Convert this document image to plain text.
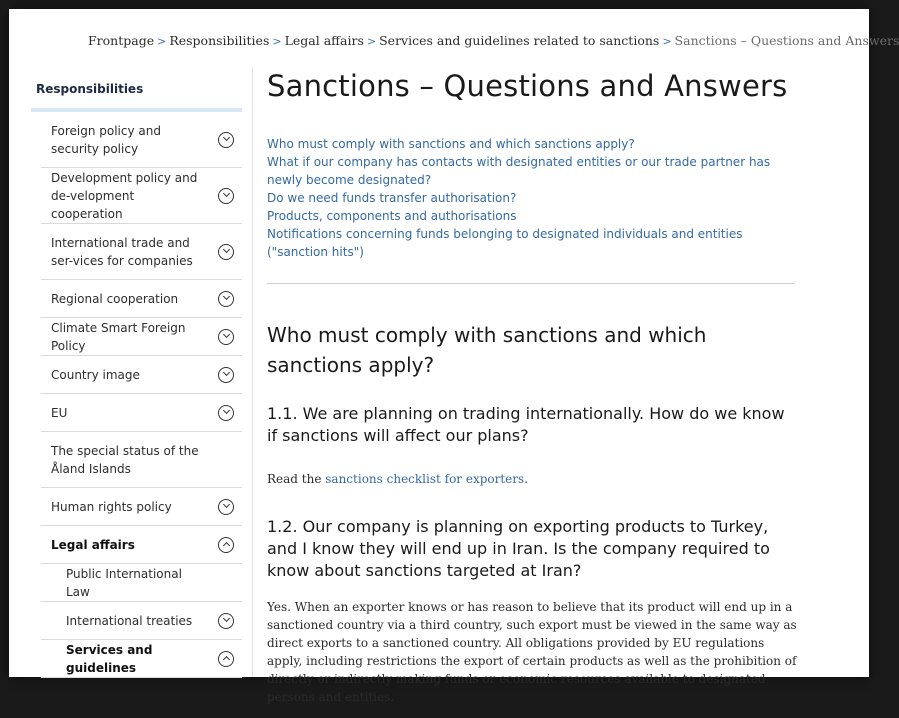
Frontpage > Responsibilities > Legal affairs > Services and guidelines related to sanctions > Sanctions – Questions and Answers
Responsibilities
Foreign policy and security policy
Development policy and de-velopment cooperation
International trade and ser-vices for companies
Regional cooperation
Climate Smart Foreign Policy
Country image
EU
The special status of the Åland Islands
Human rights policy
Legal affairs
Public International Law
International treaties
Services and guidelines
Sanctions – Questions and Answers
Who must comply with sanctions and which sanctions apply?
What if our company has contacts with designated entities or our trade partner has newly become designated?
Do we need funds transfer authorisation?
Products, components and authorisations
Notifications concerning funds belonging to designated individuals and entities ("sanction hits")
Who must comply with sanctions and which sanctions apply?
1.1. We are planning on trading internationally. How do we know if sanctions will affect our plans?

Read the sanctions checklist for exporters.

1.2. Our company is planning on exporting products to Turkey, and I know they will end up in Iran. Is the company required to know about sanctions targeted at Iran?

Yes. When an exporter knows or has reason to believe that its product will end up in a sanctioned country via a third country, such export must be viewed in the same way as direct exports to a sanctioned country. All obligations provided by EU regulations apply, including restrictions the export of certain products as well as the prohibition of directly or indirectly making funds or economic resources available to designated persons and entities.
